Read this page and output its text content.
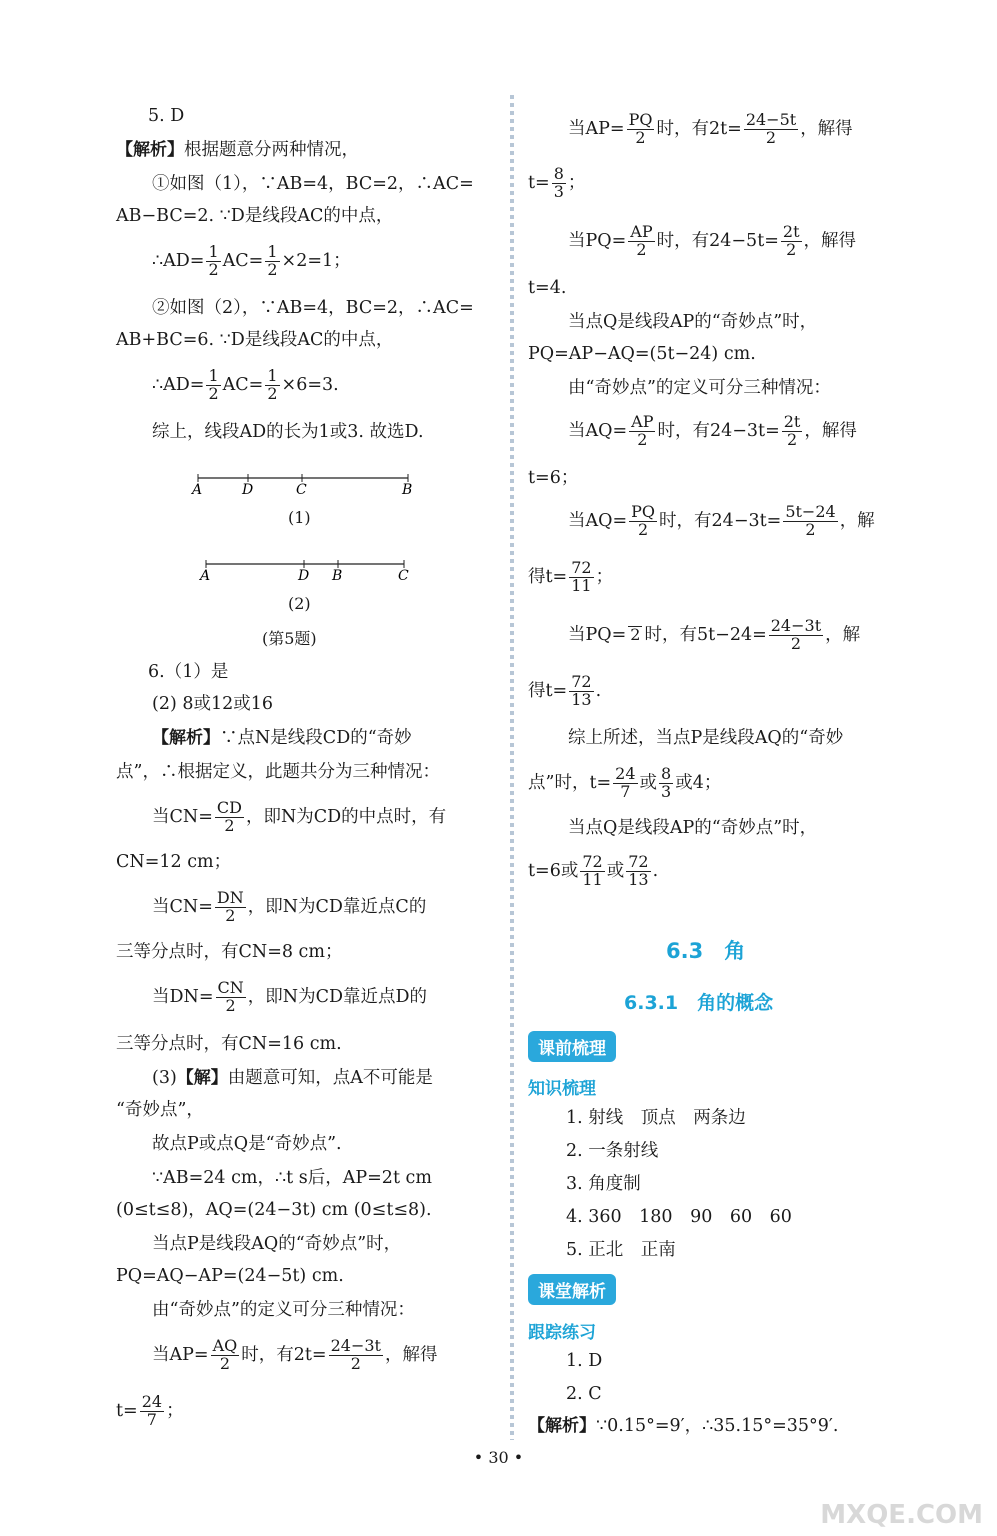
5. D
【解析】根据题意分两种情况，
①如图（1），∵AB=4，BC=2，∴AC=
AB−BC=2. ∵D是线段AC的中点，
∴AD= $\frac{1}{2} AC= \frac{1}{2} \times 2=1$；
②如图（2），∵AB=4，BC=2，∴AC=
AB+BC=6. ∵D是线段AC的中点，
∴AD= $\frac{1}{2} AC= \frac{1}{2} \times 6=3$.
综上，线段AD的长为1或3. 故选D.
A	D	C	B
(1)
A	D B	C
(2)
(第5题)
6.（1）是
(2) 8或12或16
【解析】∵点N是线段CD的“奇妙
点”，∴根据定义，此题共分为三种情况：
当$CN= \frac{CD}{2}$ ，即N为CD的中点时，有
CN=12 cm；
当$CN= \frac{DN}{2}$ ，即N为CD靠近点C的
三等分点时，有CN=8 cm；
当$DN= \frac{CN}{2}$ ，即N为CD靠近点D的
三等分点时，有CN=16 cm.
(3)【解】由题意可知，点A不可能是
“奇妙点”，
故点P或点Q是“奇妙点”.
∵AB=24 cm，∴t s后，AP=2t cm
(0≤t≤8)，AQ=(24−3t) cm (0≤t≤8).
当点P是线段AQ的“奇妙点”时，
PQ=AQ−AP=(24−5t) cm.
由“奇妙点”的定义可分三种情况：
当$AP= \frac{AQ}{2}$ 时，有$2t= \frac{24-3t}{2}$ ，解得
$t= \frac{24}{7}$ ；
当$AP= \frac{PQ}{2}$ 时，有$2t= \frac{24-5t}{2}$ ，解得
$t= \frac{8}{3}$ ；
当$PQ= \frac{AP}{2}$ 时，有$24-5t= \frac{2t}{2}$ ，解得
t=4.
当点Q是线段AP的“奇妙点”时，
PQ=AP−AQ=(5t−24) cm.
由“奇妙点”的定义可分三种情况：
当$AQ= \frac{AP}{2}$ 时，有$24-3t= \frac{2t}{2}$ ，解得
t=6；
当$AQ= \frac{PQ}{2}$ 时，有$24-3t= \frac{5t-24}{2}$ ，解
得$t= \frac{72}{11}$ ；
当PQ= 2 时，有$5t-24= \frac{24-3t}{2}$ ，解
得$t= \frac{72}{13}$ .
综上所述，当点P是线段AQ的“奇妙
点”时，$t= \frac{24}{7}$ 或 $\frac{8}{3}$ 或4；
当点Q是线段AP的“奇妙点”时，
t=6或 $\frac{72}{11}$ 或 $\frac{72}{13}$ .
6.3　角
6.3.1　角的概念
课前梳理
知识梳理
1. 射线　顶点　两条边
2. 一条射线
3. 角度制
4. 360　180　90　60　60
5. 正北　正南
课堂解析
跟踪练习
1. D
2. C
【解析】∵0.15°=9′，∴35.15°=35°9′.
• 30 •
MXQE.COM
